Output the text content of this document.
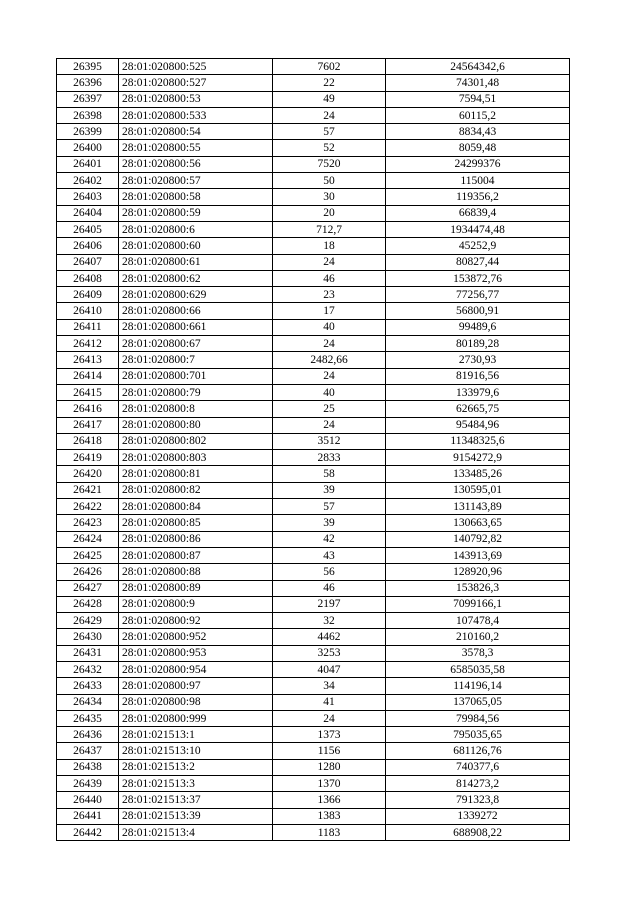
26395	28:01:020800:525	7602	24564342,6
26396	28:01:020800:527	22	74301,48
26397	28:01:020800:53	49	7594,51
26398	28:01:020800:533	24	60115,2
26399	28:01:020800:54	57	8834,43
26400	28:01:020800:55	52	8059,48
26401	28:01:020800:56	7520	24299376
26402	28:01:020800:57	50	115004
26403	28:01:020800:58	30	119356,2
26404	28:01:020800:59	20	66839,4
26405	28:01:020800:6	712,7	1934474,48
26406	28:01:020800:60	18	45252,9
26407	28:01:020800:61	24	80827,44
26408	28:01:020800:62	46	153872,76
26409	28:01:020800:629	23	77256,77
26410	28:01:020800:66	17	56800,91
26411	28:01:020800:661	40	99489,6
26412	28:01:020800:67	24	80189,28
26413	28:01:020800:7	2482,66	2730,93
26414	28:01:020800:701	24	81916,56
26415	28:01:020800:79	40	133979,6
26416	28:01:020800:8	25	62665,75
26417	28:01:020800:80	24	95484,96
26418	28:01:020800:802	3512	11348325,6
26419	28:01:020800:803	2833	9154272,9
26420	28:01:020800:81	58	133485,26
26421	28:01:020800:82	39	130595,01
26422	28:01:020800:84	57	131143,89
26423	28:01:020800:85	39	130663,65
26424	28:01:020800:86	42	140792,82
26425	28:01:020800:87	43	143913,69
26426	28:01:020800:88	56	128920,96
26427	28:01:020800:89	46	153826,3
26428	28:01:020800:9	2197	7099166,1
26429	28:01:020800:92	32	107478,4
26430	28:01:020800:952	4462	210160,2
26431	28:01:020800:953	3253	3578,3
26432	28:01:020800:954	4047	6585035,58
26433	28:01:020800:97	34	114196,14
26434	28:01:020800:98	41	137065,05
26435	28:01:020800:999	24	79984,56
26436	28:01:021513:1	1373	795035,65
26437	28:01:021513:10	1156	681126,76
26438	28:01:021513:2	1280	740377,6
26439	28:01:021513:3	1370	814273,2
26440	28:01:021513:37	1366	791323,8
26441	28:01:021513:39	1383	1339272
26442	28:01:021513:4	1183	688908,22
